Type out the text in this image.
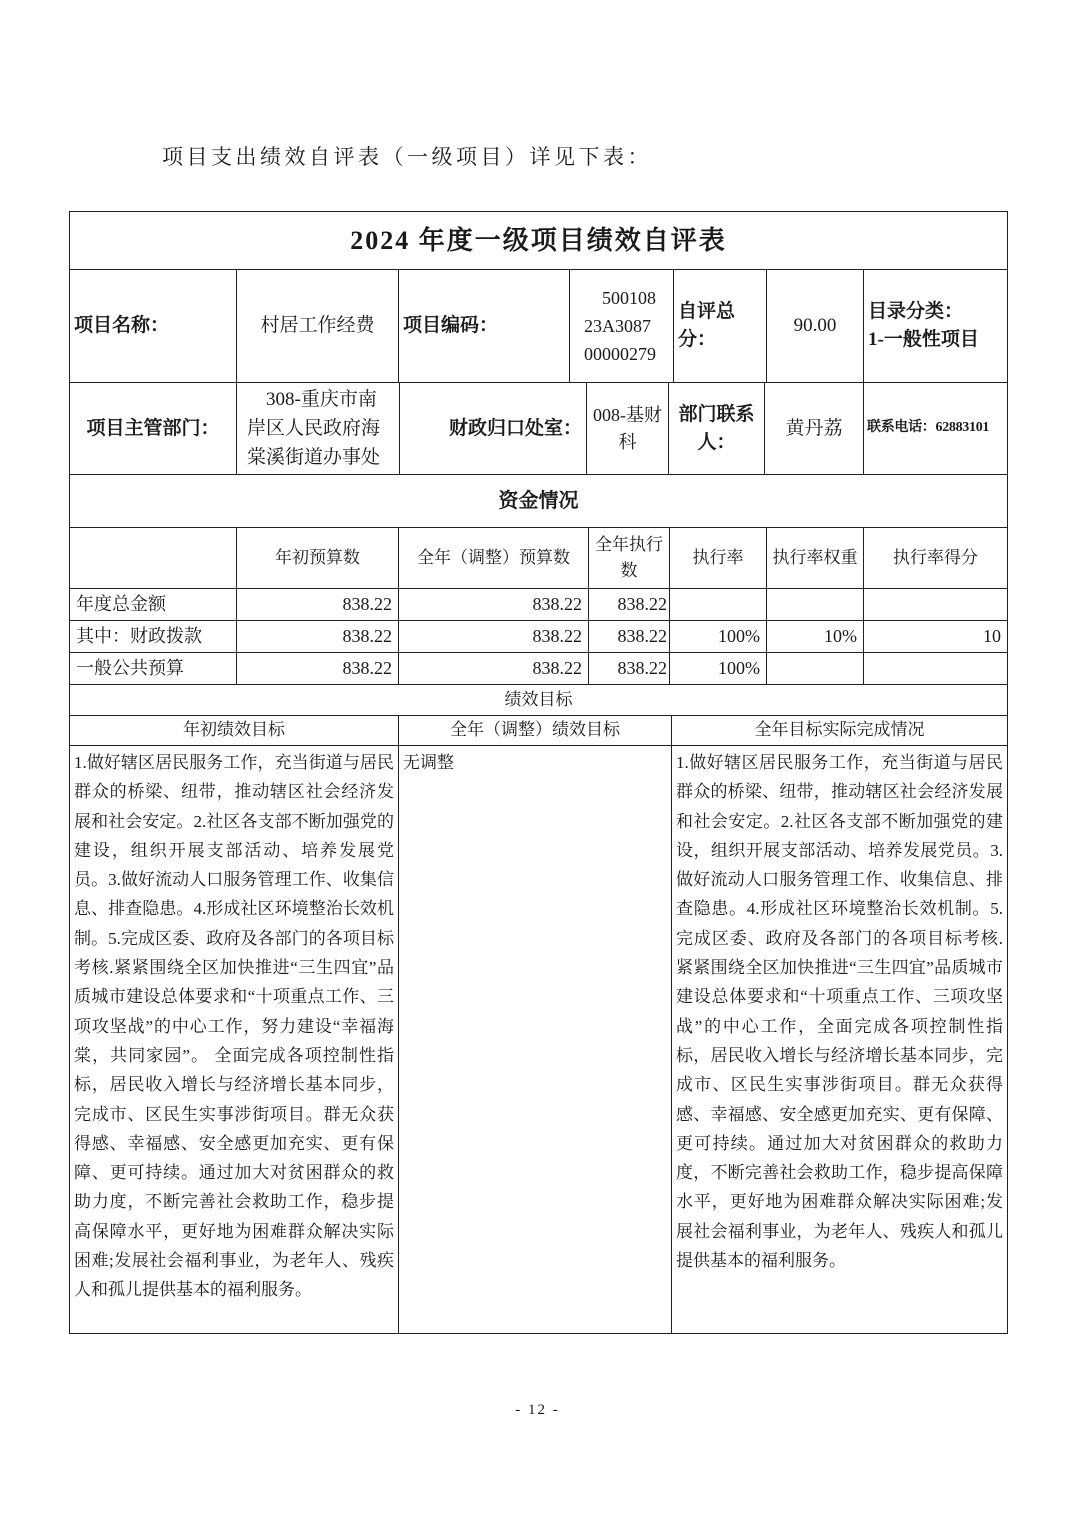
项目支出绩效自评表（一级项目）详见下表：
2024 年度一级项目绩效自评表
项目名称：	村居工作经费	项目编码：
50010823A308700000279
自评总分：
90.00
目录分类：
1-一般性项目
项目主管部门：
308-重庆市南岸区人民政府海棠溪街道办事处
财政归口处室：
008-基财科
部门联系人：
黄丹荔	联系电话：62883101
资金情况
年初预算数	全年（调整）预算数
全年执行数
执行率	执行率权重	执行率得分
年度总金额	838.22	838.22	838.22
其中：财政拨款	838.22	838.22	838.22	100%	10%	10
一般公共预算	838.22	838.22	838.22	100%
绩效目标
年初绩效目标	全年（调整）绩效目标	全年目标实际完成情况
1.做好辖区居民服务工作，充当街道与居民群众的桥梁、纽带，推动辖区社会经济发展和社会安定。2.社区各支部不断加强党的建设，组织开展支部活动、培养发展党员。3.做好流动人口服务管理工作、收集信息、排查隐患。4.形成社区环境整治长效机制。5.完成区委、政府及各部门的各项目标考核.紧紧围绕全区加快推进“三生四宜”品质城市建设总体要求和“十项重点工作、三项攻坚战”的中心工作，努力建设“幸福海棠，共同家园”。 全面完成各项控制性指标，居民收入增长与经济增长基本同步，完成市、区民生实事涉街项目。群无众获得感、幸福感、安全感更加充实、更有保障、更可持续。通过加大对贫困群众的救助力度，不断完善社会救助工作，稳步提高保障水平，更好地为困难群众解决实际困难;发展社会福利事业，为老年人、残疾人和孤儿提供基本的福利服务。
无调整	1.做好辖区居民服务工作，充当街道与居民群众的桥梁、纽带，推动辖区社会经济发展和社会安定。2.社区各支部不断加强党的建设，组织开展支部活动、培养发展党员。3.做好流动人口服务管理工作、收集信息、排查隐患。4.形成社区环境整治长效机制。5.完成区委、政府及各部门的各项目标考核.紧紧围绕全区加快推进“三生四宜”品质城市建设总体要求和“十项重点工作、三项攻坚战”的中心工作，全面完成各项控制性指标，居民收入增长与经济增长基本同步，完成市、区民生实事涉街项目。群无众获得感、幸福感、安全感更加充实、更有保障、更可持续。通过加大对贫困群众的救助力度，不断完善社会救助工作，稳步提高保障水平，更好地为困难群众解决实际困难;发展社会福利事业，为老年人、残疾人和孤儿提供基本的福利服务。
- 12 -
